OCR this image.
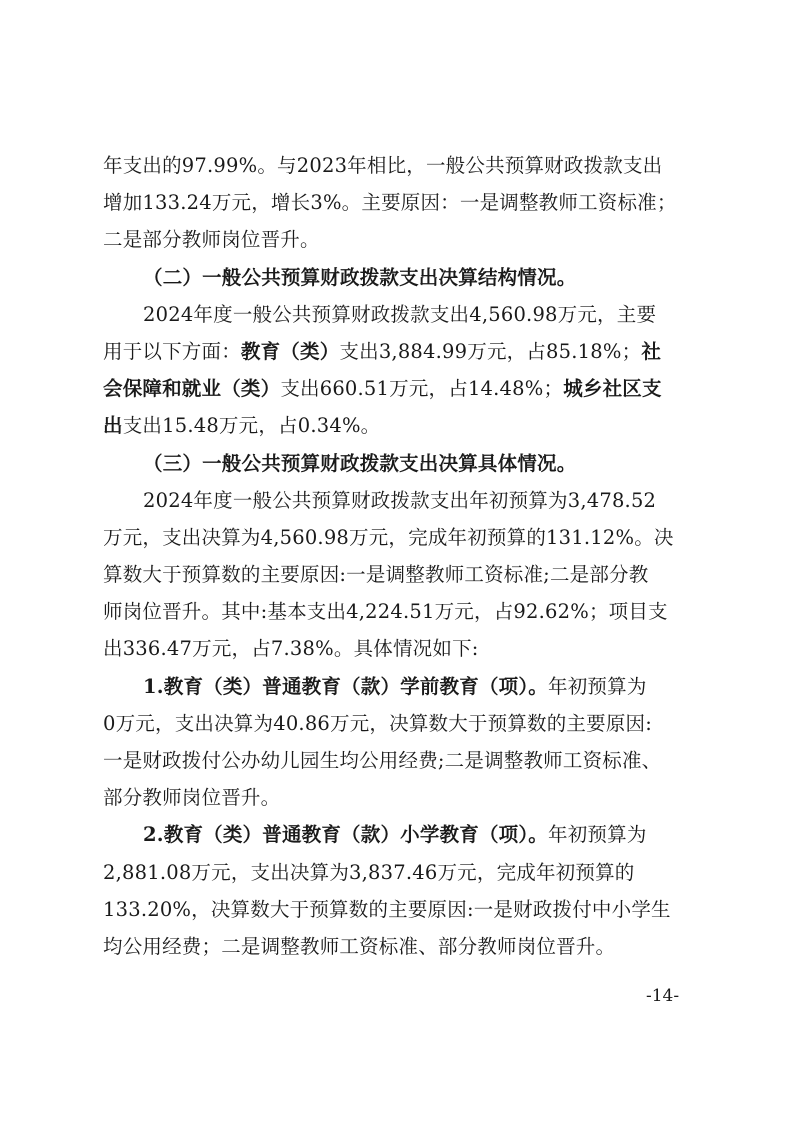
年支出的97.99%。与2023年相比，一般公共预算财政拨款支出
增加133.24万元，增长3%。主要原因：一是调整教师工资标准；
二是部分教师岗位晋升。
（二）一般公共预算财政拨款支出决算结构情况。
2024年度一般公共预算财政拨款支出4,560.98万元，主要
用于以下方面：教育（类）支出3,884.99万元，占85.18%；社
会保障和就业（类）支出660.51万元，占14.48%；城乡社区支
出支出15.48万元，占0.34%。
（三）一般公共预算财政拨款支出决算具体情况。
2024年度一般公共预算财政拨款支出年初预算为3,478.52
万元，支出决算为4,560.98万元，完成年初预算的131.12%。决
算数大于预算数的主要原因:一是调整教师工资标准;二是部分教
师岗位晋升。其中:基本支出4,224.51万元，占92.62%；项目支
出336.47万元，占7.38%。具体情况如下:
1.教育（类）普通教育（款）学前教育（项）。年初预算为
0万元，支出决算为40.86万元，决算数大于预算数的主要原因:
一是财政拨付公办幼儿园生均公用经费;二是调整教师工资标准、
部分教师岗位晋升。
2.教育（类）普通教育（款）小学教育（项）。年初预算为
2,881.08万元，支出决算为3,837.46万元，完成年初预算的
133.20%，决算数大于预算数的主要原因:一是财政拨付中小学生
均公用经费；二是调整教师工资标准、部分教师岗位晋升。
-14-
